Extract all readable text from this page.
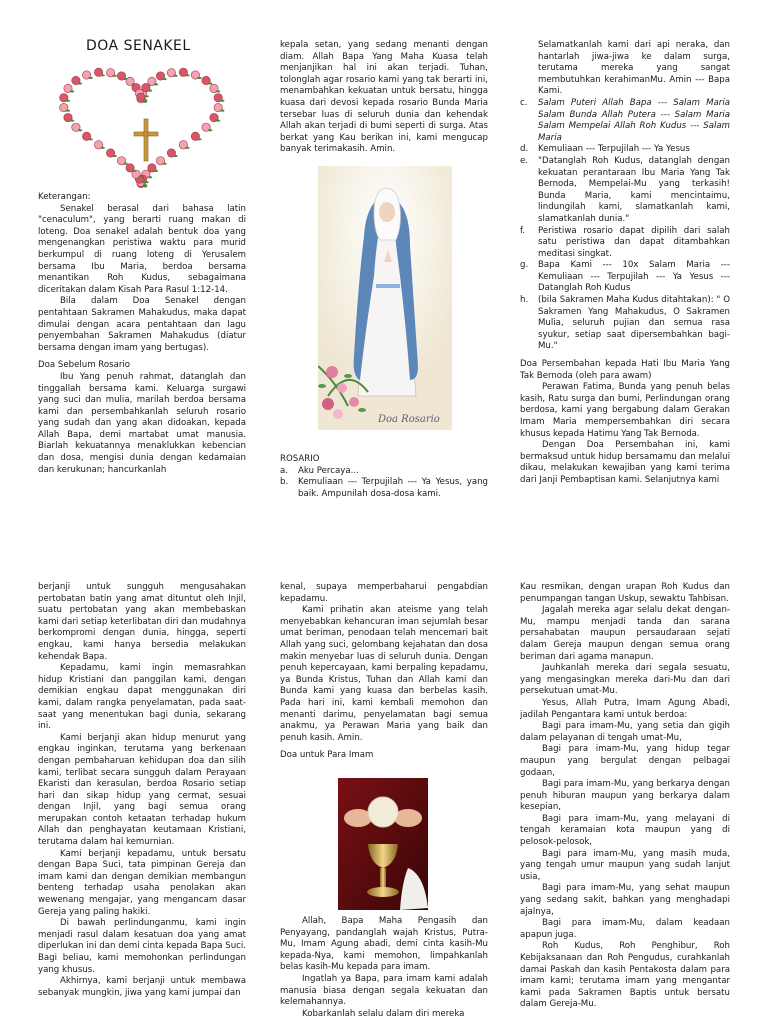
DOA SENAKEL

Keterangan:

Senakel berasal dari bahasa latin "cenaculum", yang berarti ruang makan di loteng. Doa senakel adalah bentuk doa yang mengenangkan peristiwa waktu para murid berkumpul di ruang loteng di Yerusalem bersama Ibu Maria, berdoa bersama menantikan Roh Kudus, sebagaimana diceritakan dalam Kisah Para Rasul 1:12-14.

Bila dalam Doa Senakel dengan pentahtaan Sakramen Mahakudus, maka dapat dimulai dengan acara pentahtaan dan lagu penyembahan Sakramen Mahakudus (diatur bersama dengan imam yang bertugas).

Doa Sebelum Rosario

Ibu Yang penuh rahmat, datanglah dan tinggallah bersama kami. Keluarga surgawi yang suci dan mulia, marilah berdoa bersama kami dan persembahkanlah seluruh rosario yang sudah dan yang akan didoakan, kepada Allah Bapa, demi martabat umat manusia. Biarlah kekuatannya menaklukkan kebencian dan dosa, mengisi dunia dengan kedamaian dan kerukunan; hancurkanlah

kepala setan, yang sedang menanti dengan diam. Allah Bapa Yang Maha Kuasa telah menjanjikan hal ini akan terjadi. Tuhan, tolonglah agar rosario kami yang tak berarti ini, menambahkan kekuatan untuk bersatu, hingga kuasa dari devosi kepada rosario Bunda Maria tersebar luas di seluruh dunia dan kehendak Allah akan terjadi di bumi seperti di surga. Atas berkat yang Kau berikan ini, kami mengucap banyak terimakasih. Amin.

Doa Rosario

ROSARIO

a.	Aku Percaya...
b.	Kemuliaan --- Terpujilah --- Ya Yesus, yang baik. Ampunilah dosa-dosa kami.

Selamatkanlah kami dari api neraka, dan hantarlah jiwa-jiwa ke dalam surga, terutama mereka yang sangat membutuhkan kerahimanMu. Amin --- Bapa Kami.

c.	Salam Puteri Allah Bapa --- Salam Maria Salam Bunda Allah Putera --- Salam Maria Salam Mempelai Allah Roh Kudus --- Salam Maria
d.	Kemuliaan --- Terpujilah --- Ya Yesus
e.	"Datanglah Roh Kudus, datanglah dengan kekuatan perantaraan Ibu Maria Yang Tak Bernoda, Mempelai-Mu yang terkasih! Bunda Maria, kami mencintaimu, lindungilah kami, slamatkanlah kami, slamatkanlah dunia."
f.	Peristiwa rosario dapat dipilih dari salah satu peristiwa dan dapat ditambahkan meditasi singkat.
g.	Bapa Kami --- 10x Salam Maria --- Kemuliaan --- Terpujilah --- Ya Yesus --- Datanglah Roh Kudus
h.	(bila Sakramen Maha Kudus ditahtakan): " O Sakramen Yang Mahakudus, O Sakramen Mulia, seluruh pujian dan semua rasa syukur, setiap saat dipersembahkan bagi-Mu."

Doa Persembahan kepada Hati Ibu Maria Yang Tak Bernoda (oleh para awam)

Perawan Fatima, Bunda yang penuh belas kasih, Ratu surga dan bumi, Perlindungan orang berdosa, kami yang bergabung dalam Gerakan Imam Maria mempersembahkan diri secara khusus kepada Hatimu Yang Tak Bernoda.

Dengan Doa Persembahan ini, kami bermaksud untuk hidup bersamamu dan melalui dikau, melakukan kewajiban yang kami terima dari Janji Pembaptisan kami. Selanjutnya kami

berjanji untuk sungguh mengusahakan pertobatan batin yang amat dituntut oleh Injil, suatu pertobatan yang akan membebaskan kami dari setiap keterlibatan diri dan mudahnya berkompromi dengan dunia, hingga, seperti engkau, kami hanya bersedia melakukan kehendak Bapa.

Kepadamu, kami ingin memasrahkan hidup Kristiani dan panggilan kami, dengan demikian engkau dapat menggunakan diri kami, dalam rangka penyelamatan, pada saat-saat yang menentukan bagi dunia, sekarang ini.

Kami berjanji akan hidup menurut yang engkau inginkan, terutama yang berkenaan dengan pembaharuan kehidupan doa dan silih kami, terlibat secara sungguh dalam Perayaan Ekaristi dan kerasulan, berdoa Rosario setiap hari dan sikap hidup yang cermat, sesuai dengan Injil, yang bagi semua orang merupakan contoh ketaatan terhadap hukum Allah dan penghayatan keutamaan Kristiani, terutama dalam hal kemurnian.

Kami berjanji kepadamu, untuk bersatu dengan Bapa Suci, tata pimpinan Gereja dan imam kami dan dengan demikian membangun benteng terhadap usaha penolakan akan wewenang mengajar, yang mengancam dasar Gereja yang paling hakiki.

Di bawah perlindunganmu, kami ingin menjadi rasul dalam kesatuan doa yang amat diperlukan ini dan demi cinta kepada Bapa Suci. Bagi beliau, kami memohonkan perlindungan yang khusus.

Akhirnya, kami berjanji untuk membawa sebanyak mungkin, jiwa yang kami jumpai dan

kenal, supaya memperbaharui pengabdian kepadamu.

Kami prihatin akan ateisme yang telah menyebabkan kehancuran iman sejumlah besar umat beriman, penodaan telah mencemari bait Allah yang suci, gelombang kejahatan dan dosa makin menyebar luas di seluruh dunia. Dengan penuh kepercayaan, kami berpaling kepadamu, ya Bunda Kristus, Tuhan dan Allah kami dan Bunda kami yang kuasa dan berbelas kasih. Pada hari ini, kami kembali memohon dan menanti darimu, penyelamatan bagi semua anakmu, ya Perawan Maria yang baik dan penuh kasih. Amin.

Doa untuk Para Imam

Allah, Bapa Maha Pengasih dan Penyayang, pandanglah wajah Kristus, Putra-Mu, Imam Agung abadi, demi cinta kasih-Mu kepada-Nya, kami memohon, limpahkanlah belas kasih-Mu kepada para imam.

Ingatlah ya Bapa, para imam kami adalah manusia biasa dengan segala kekuatan dan kelemahannya.

Kobarkanlah selalu dalam diri mereka

Kau resmikan, dengan urapan Roh Kudus dan penumpangan tangan Uskup, sewaktu Tahbisan.

Jagalah mereka agar selalu dekat dengan-Mu, mampu menjadi tanda dan sarana persahabatan maupun persaudaraan sejati dalam Gereja maupun dengan semua orang beriman dari agama manapun.

Jauhkanlah mereka dari segala sesuatu, yang mengasingkan mereka dari-Mu dan dari persekutuan umat-Mu.

Yesus, Allah Putra, Imam Agung Abadi, jadilah Pengantara kami untuk berdoa:

Bagi para imam-Mu, yang setia dan gigih dalam pelayanan di tengah umat-Mu,

Bagi para imam-Mu, yang hidup tegar maupun yang bergulat dengan pelbagai godaan,

Bagi para imam-Mu, yang berkarya dengan penuh hiburan maupun yang berkarya dalam kesepian,

Bagi para imam-Mu, yang melayani di tengah keramaian kota maupun yang di pelosok-pelosok,

Bagi para imam-Mu, yang masih muda, yang tengah umur maupun yang sudah lanjut usia,

Bagi para imam-Mu, yang sehat maupun yang sedang sakit, bahkan yang menghadapi ajalnya,

Bagi para imam-Mu, dalam keadaan apapun juga.

Roh Kudus, Roh Penghibur, Roh Kebijaksanaan dan Roh Pengudus, curahkanlah damai Paskah dan kasih Pentakosta dalam para imam kami; terutama imam yang mengantar kami pada Sakramen Baptis untuk bersatu dalam Gereja-Mu.
